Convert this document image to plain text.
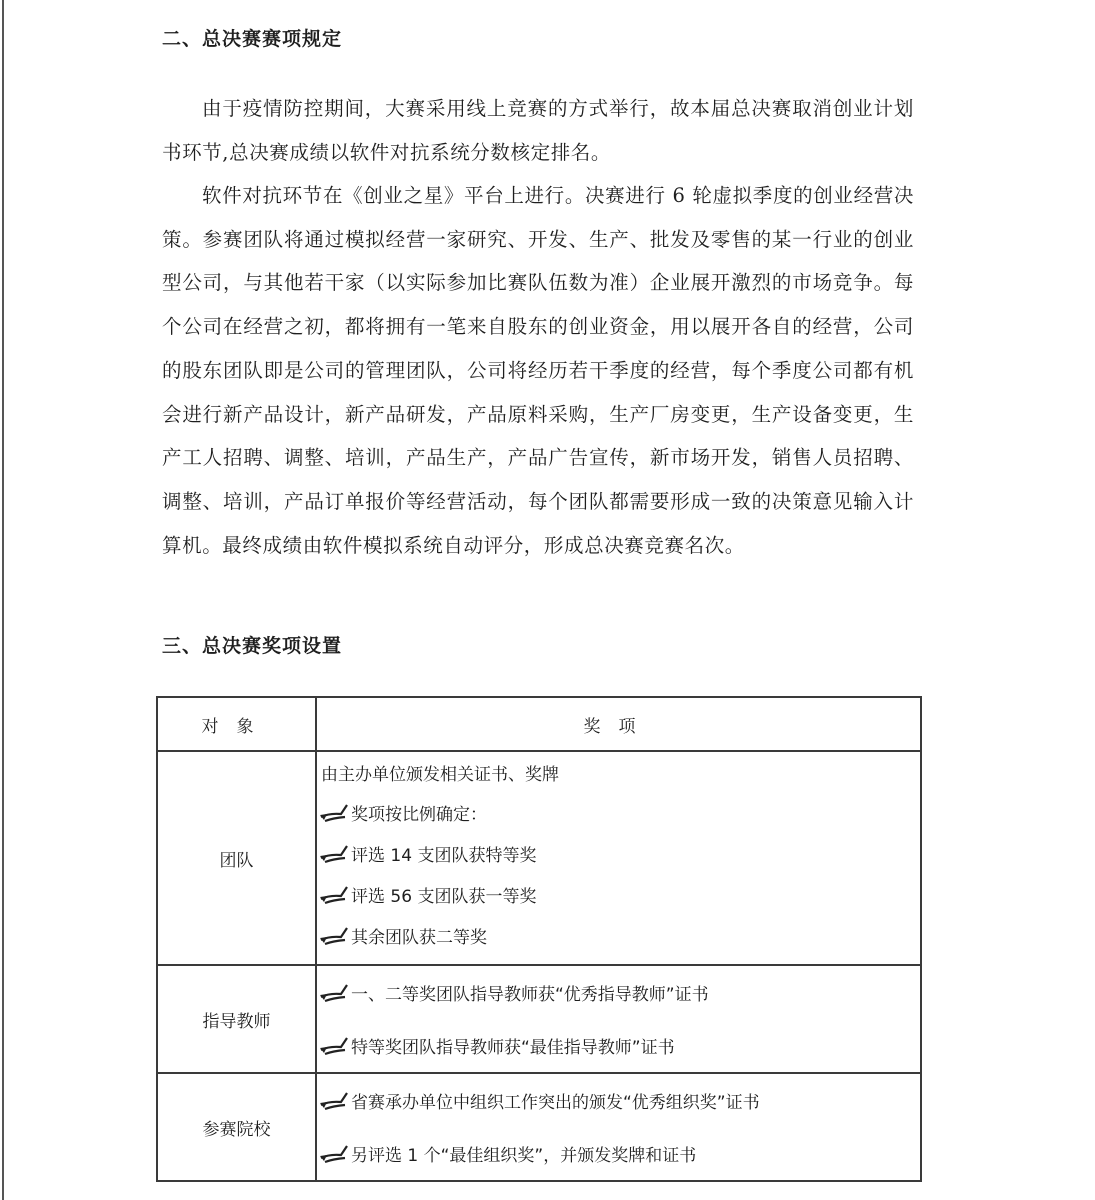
二、总决赛赛项规定

由于疫情防控期间，大赛采用线上竞赛的方式举行，故本届总决赛取消创业计划书环节,总决赛成绩以软件对抗系统分数核定排名。

软件对抗环节在《创业之星》平台上进行。决赛进行 6 轮虚拟季度的创业经营决策。参赛团队将通过模拟经营一家研究、开发、生产、批发及零售的某一行业的创业型公司，与其他若干家（以实际参加比赛队伍数为准）企业展开激烈的市场竞争。每个公司在经营之初，都将拥有一笔来自股东的创业资金，用以展开各自的经营，公司的股东团队即是公司的管理团队，公司将经历若干季度的经营，每个季度公司都有机会进行新产品设计，新产品研发，产品原料采购，生产厂房变更，生产设备变更，生产工人招聘、调整、培训，产品生产，产品广告宣传，新市场开发，销售人员招聘、调整、培训，产品订单报价等经营活动，每个团队都需要形成一致的决策意见输入计算机。最终成绩由软件模拟系统自动评分，形成总决赛竞赛名次。

三、总决赛奖项设置
对象	奖项
团队	由主办单位颁发相关证书、奖牌
奖项按比例确定：
评选 14 支团队获特等奖
评选 56 支团队获一等奖
其余团队获二等奖

指导教师	一、二等奖团队指导教师获“优秀指导教师”证书
特等奖团队指导教师获“最佳指导教师”证书

参赛院校	省赛承办单位中组织工作突出的颁发“优秀组织奖”证书
另评选 1 个“最佳组织奖”，并颁发奖牌和证书
